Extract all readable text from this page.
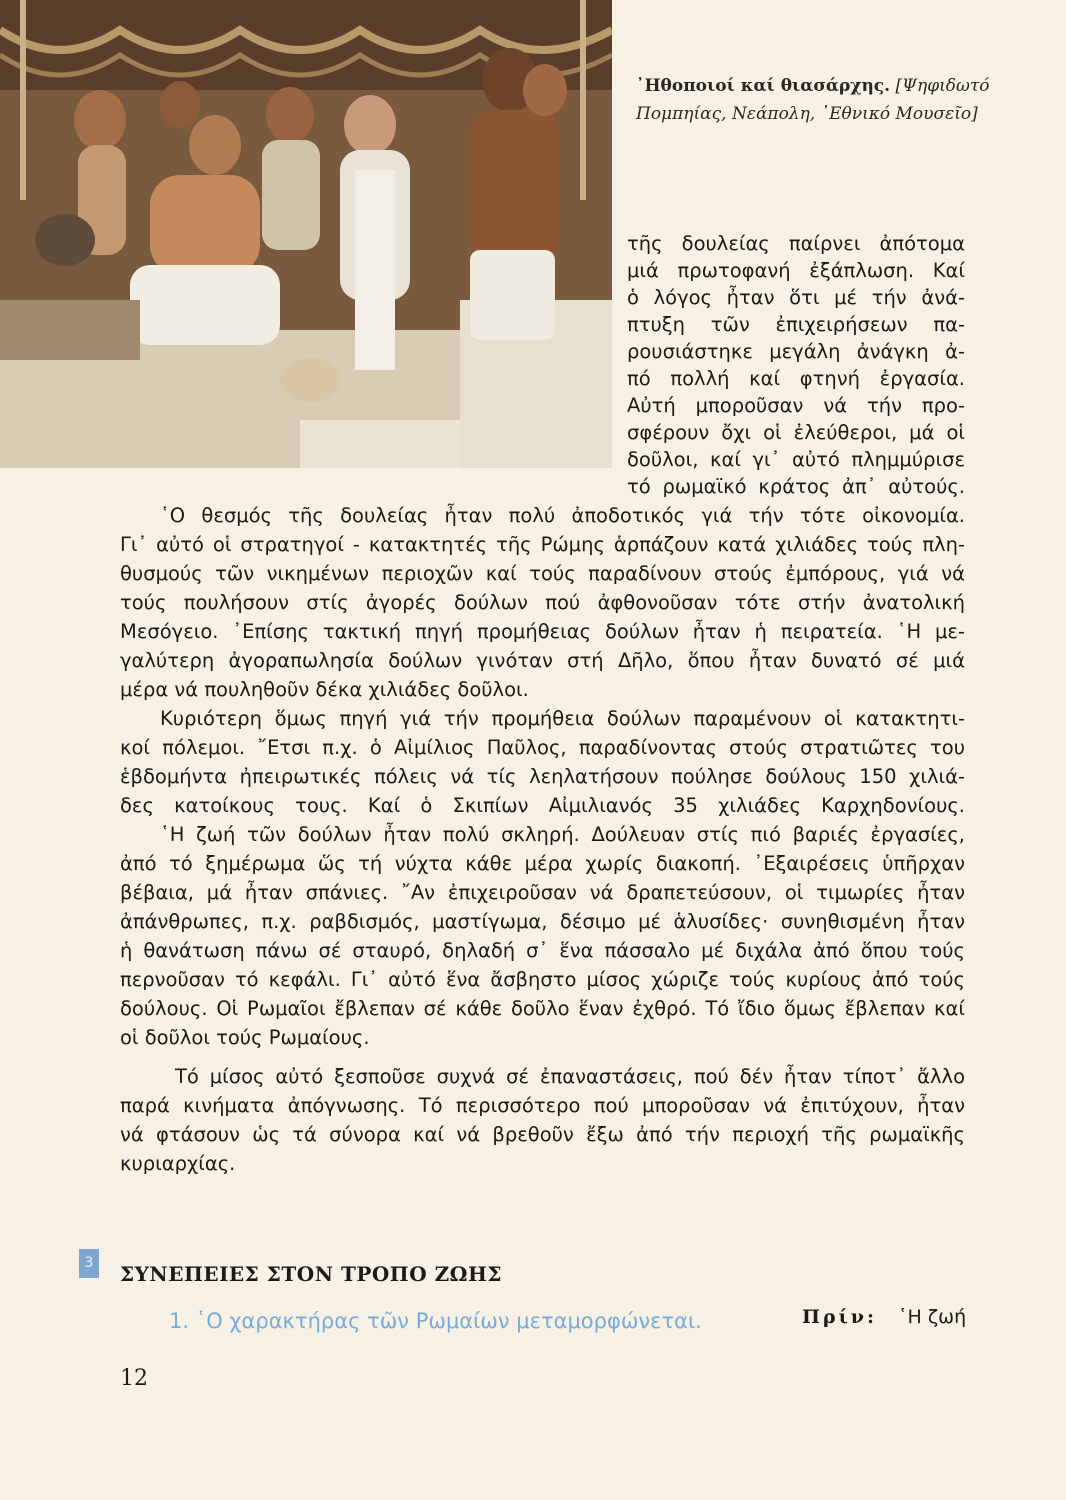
᾿Ηθοποιοί καί θιασάρχης. [Ψηφιδωτό
Πομπηίας, Νεάπολη, ᾿Εθνικό Μουσεῖο]
τῆς δουλείας παίρνει ἀπότομα
μιά πρωτοφανή ἐξάπλωση. Καί
ὁ λόγος ἦταν ὅτι μέ τήν ἀνά-
πτυξη τῶν ἐπιχειρήσεων πα-
ρουσιάστηκε μεγάλη ἀνάγκη ἀ-
πό πολλή καί φτηνή ἐργασία.
Αὐτή μποροῦσαν νά τήν προ-
σφέρουν ὄχι οἱ ἐλεύθεροι, μά οἱ
δοῦλοι, καί γι᾿ αὐτό πλημμύρισε
τό ρωμαϊκό κράτος ἀπ᾿ αὐτούς.
῾Ο θεσμός τῆς δουλείας ἦταν πολύ ἀποδοτικός γιά τήν τότε οἰκονομία.
Γι᾿ αὐτό οἱ στρατηγοί - κατακτητές τῆς Ρώμης ἁρπάζουν κατά χιλιάδες τούς πλη-
θυσμούς τῶν νικημένων περιοχῶν καί τούς παραδίνουν στούς ἐμπόρους, γιά νά
τούς πουλήσουν στίς ἀγορές δούλων πού ἀφθονοῦσαν τότε στήν ἀνατολική
Μεσόγειο. ᾿Επίσης τακτική πηγή προμήθειας δούλων ἦταν ἡ πειρατεία. ῾Η με-
γαλύτερη ἀγοραπωλησία δούλων γινόταν στή Δῆλο, ὅπου ἦταν δυνατό σέ μιά
μέρα νά πουληθοῦν δέκα χιλιάδες δοῦλοι.
Κυριότερη ὅμως πηγή γιά τήν προμήθεια δούλων παραμένουν οἱ κατακτητι-
κοί πόλεμοι. ῎Ετσι π.χ. ὁ Αἰμίλιος Παῦλος, παραδίνοντας στούς στρατιῶτες του
ἑβδομήντα ἠπειρωτικές πόλεις νά τίς λεηλατήσουν πούλησε δούλους 150 χιλιά-
δες κατοίκους τους. Καί ὁ Σκιπίων Αἰμιλιανός 35 χιλιάδες Καρχηδονίους.
῾Η ζωή τῶν δούλων ἦταν πολύ σκληρή. Δούλευαν στίς πιό βαριές ἐργασίες,
ἀπό τό ξημέρωμα ὥς τή νύχτα κάθε μέρα χωρίς διακοπή. ᾿Εξαιρέσεις ὑπῆρχαν
βέβαια, μά ἦταν σπάνιες. ῎Αν ἐπιχειροῦσαν νά δραπετεύσουν, οἱ τιμωρίες ἦταν
ἀπάνθρωπες, π.χ. ραβδισμός, μαστίγωμα, δέσιμο μέ ἁλυσίδες· συνηθισμένη ἦταν
ἡ θανάτωση πάνω σέ σταυρό, δηλαδή σ᾿ ἕνα πάσσαλο μέ διχάλα ἀπό ὅπου τούς
περνοῦσαν τό κεφάλι. Γι᾿ αὐτό ἕνα ἄσβηστο μίσος χώριζε τούς κυρίους ἀπό τούς
δούλους. Οἱ Ρωμαῖοι ἔβλεπαν σέ κάθε δοῦλο ἕναν ἐχθρό. Τό ἴδιο ὅμως ἔβλεπαν καί
οἱ δοῦλοι τούς Ρωμαίους.
Τό μίσος αὐτό ξεσποῦσε συχνά σέ ἐπαναστάσεις, πού δέν ἦταν τίποτ᾿ ἄλλο
παρά κινήματα ἀπόγνωσης. Τό περισσότερο πού μποροῦσαν νά ἐπιτύχουν, ἦταν
νά φτάσουν ὡς τά σύνορα καί νά βρεθοῦν ἔξω ἀπό τήν περιοχή τῆς ρωμαϊκῆς
κυριαρχίας.
3 ΣΥΝΕΠΕΙΕΣ ΣΤΟΝ ΤΡΟΠΟ ΖΩΗΣ
1. ῾Ο χαρακτήρας τῶν Ρωμαίων μεταμορφώνεται.	Πρίν: ῾Η ζωή
12
